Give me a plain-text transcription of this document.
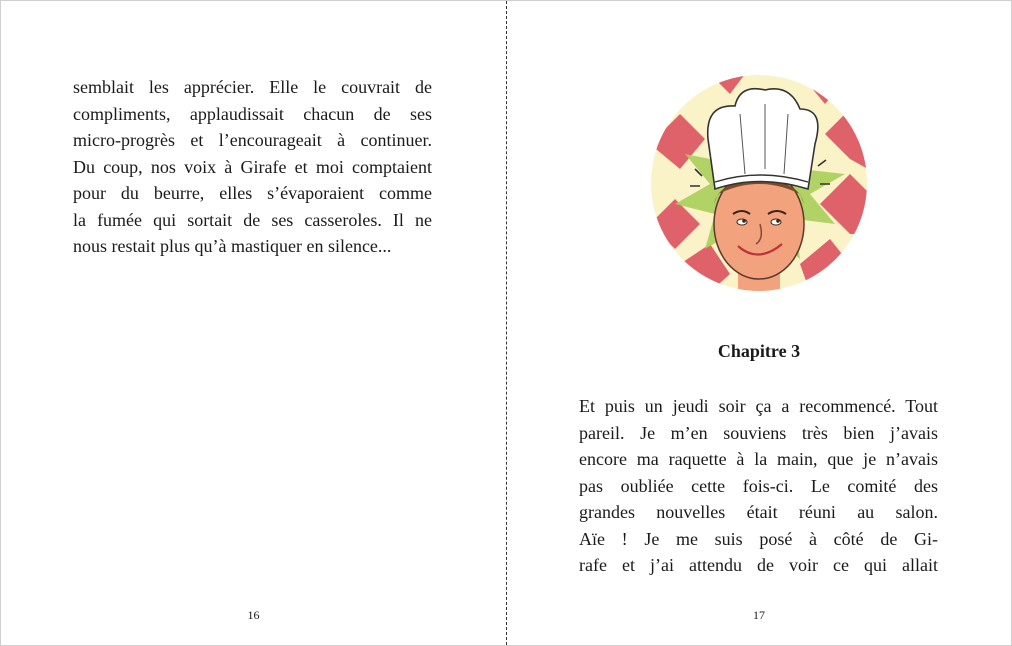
semblait les apprécier. Elle le couvrait de
compliments, applaudissait chacun de ses
micro-progrès et l’encourageait à continuer.
Du coup, nos voix à Girafe et moi comptaient
pour du beurre, elles s’évaporaient comme
la fumée qui sortait de ses casseroles. Il ne
nous restait plus qu’à mastiquer en silence...
16
Chapitre 3
Et puis un jeudi soir ça a recommencé. Tout
pareil. Je m’en souviens très bien j’avais
encore ma raquette à la main, que je n’avais
pas oubliée cette fois-ci. Le comité des
grandes nouvelles était réuni au salon.
Aïe ! Je me suis posé à côté de Gi-
rafe et j’ai attendu de voir ce qui allait
17
